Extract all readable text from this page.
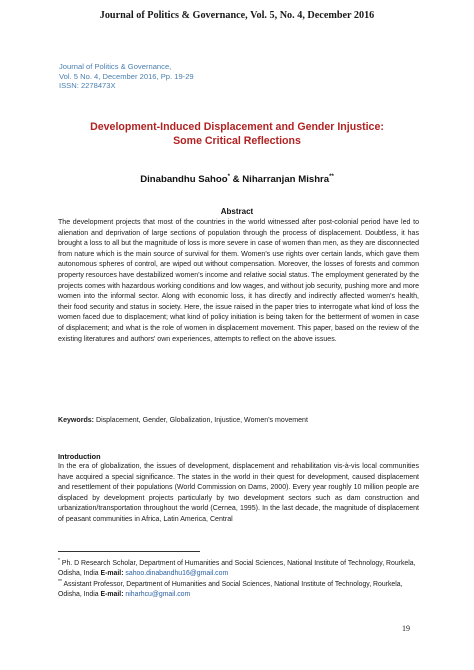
Journal of Politics & Governance, Vol. 5, No. 4, December 2016
Journal of Politics & Governance,
Vol. 5 No. 4, December 2016, Pp. 19-29
ISSN: 2278473X
Development-Induced Displacement and Gender Injustice:
Some Critical Reflections
Dinabandhu Sahoo* & Niharranjan Mishra**
Abstract
The development projects that most of the countries in the world witnessed after post-colonial period have led to alienation and deprivation of large sections of population through the process of displacement. Doubtless, it has brought a loss to all but the magnitude of loss is more severe in case of women than men, as they are disconnected from nature which is the main source of survival for them. Women's use rights over certain lands, which gave them autonomous spheres of control, are wiped out without compensation. Moreover, the losses of forests and common property resources have destabilized women's income and relative social status. The employment generated by the projects comes with hazardous working conditions and low wages, and without job security, pushing more and more women into the informal sector. Along with economic loss, it has directly and indirectly affected women's health, their food security and status in society. Here, the issue raised in the paper tries to interrogate what kind of loss the women faced due to displacement; what kind of policy initiation is being taken for the betterment of women in case of displacement; and what is the role of women in displacement movement. This paper, based on the review of the existing literatures and authors' own experiences, attempts to reflect on the above issues.
Keywords: Displacement, Gender, Globalization, Injustice, Women's movement
Introduction
In the era of globalization, the issues of development, displacement and rehabilitation vis-à-vis local communities have acquired a special significance. The states in the world in their quest for development, caused displacement and resettlement of their populations (World Commission on Dams, 2000). Every year roughly 10 million people are displaced by development projects particularly by two development sectors such as dam construction and urbanization/transportation throughout the world (Cernea, 1995). In the last decade, the magnitude of displacement of peasant communities in Africa, Latin America, Central
* Ph. D Research Scholar, Department of Humanities and Social Sciences, National Institute of Technology, Rourkela, Odisha, India E-mail: sahoo.dinabandhu16@gmail.com
** Assistant Professor, Department of Humanities and Social Sciences, National Institute of Technology, Rourkela, Odisha, India E-mail: niharhcu@gmail.com
19
